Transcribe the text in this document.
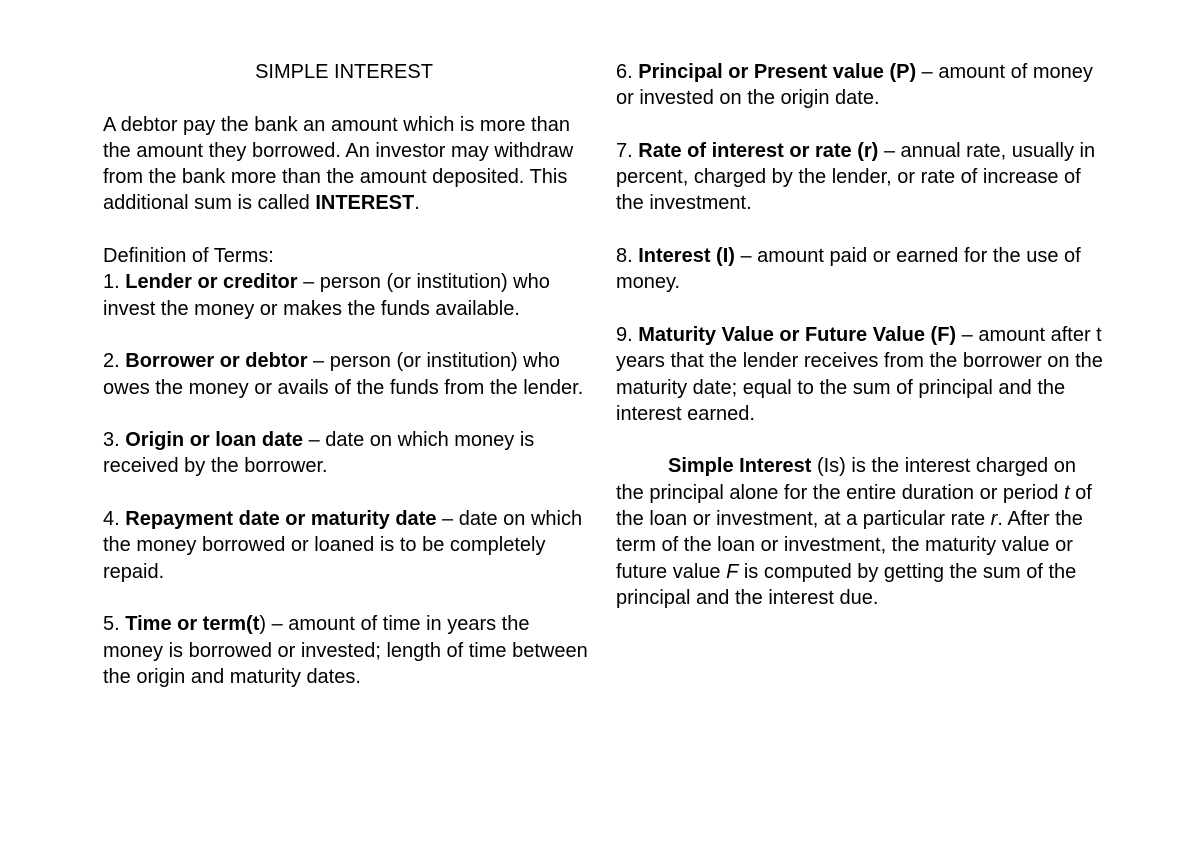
SIMPLE INTEREST

A debtor pay the bank an amount which is more than the amount they borrowed. An investor may withdraw from the bank more than the amount deposited. This additional sum is called INTEREST.

Definition of Terms:

1. Lender or creditor – person (or institution) who invest the money or makes the funds available.

2. Borrower or debtor – person (or institution) who owes the money or avails of the funds from the lender.

3. Origin or loan date – date on which money is received by the borrower.

4. Repayment date or maturity date – date on which the money borrowed or loaned is to be completely repaid.

5. Time or term(t) – amount of time in years the money is borrowed or invested; length of time between the origin and maturity dates.

6. Principal or Present value (P) – amount of money or invested on the origin date.

7. Rate of interest or rate (r) – annual rate, usually in percent, charged by the lender, or rate of increase of the investment.

8. Interest (I) – amount paid or earned for the use of money.

9. Maturity Value or Future Value (F) – amount after t years that the lender receives from the borrower on the maturity date; equal to the sum of principal and the interest earned.

Simple Interest (Is) is the interest charged on the principal alone for the entire duration or period t of the loan or investment, at a particular rate r. After the term of the loan or investment, the maturity value or future value F is computed by getting the sum of the principal and the interest due.
